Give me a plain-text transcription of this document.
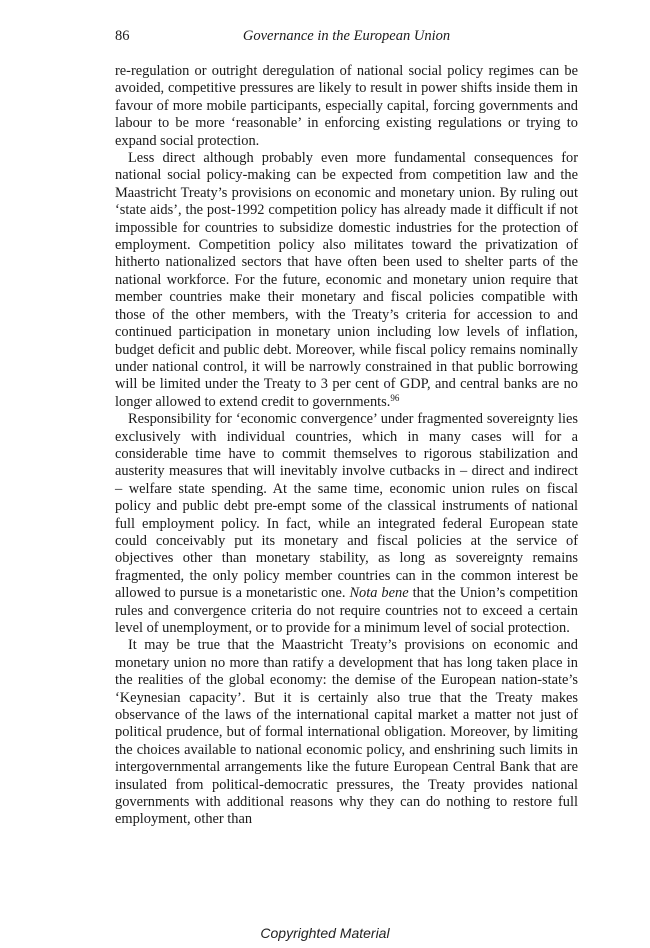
86	Governance in the European Union

re-regulation or outright deregulation of national social policy regimes can be avoided, competitive pressures are likely to result in power shifts inside them in favour of more mobile participants, especially capital, forcing governments and labour to be more ‘reasonable’ in enforcing existing regulations or trying to expand social protection.

Less direct although probably even more fundamental consequences for national social policy-making can be expected from competition law and the Maastricht Treaty’s provisions on economic and monetary union. By ruling out ‘state aids’, the post-1992 competition policy has already made it difficult if not impossible for countries to subsidize domestic industries for the protection of employment. Competition policy also militates toward the privatization of hitherto nationalized sectors that have often been used to shelter parts of the national workforce. For the future, economic and monetary union require that member countries make their monetary and fiscal policies compatible with those of the other members, with the Treaty’s criteria for accession to and continued participation in monetary union including low levels of inflation, budget deficit and public debt. Moreover, while fiscal policy remains nominally under national control, it will be narrowly constrained in that public borrowing will be limited under the Treaty to 3 per cent of GDP, and central banks are no longer allowed to extend credit to governments.$^{96}$

Responsibility for ‘economic convergence’ under fragmented sovereignty lies exclusively with individual countries, which in many cases will for a considerable time have to commit themselves to rigorous stabilization and austerity measures that will inevitably involve cutbacks in – direct and indirect – welfare state spending. At the same time, economic union rules on fiscal policy and public debt pre-empt some of the classical instruments of national full employment policy. In fact, while an integrated federal European state could conceivably put its monetary and fiscal policies at the service of objectives other than monetary stability, as long as sovereignty remains fragmented, the only policy member countries can in the common interest be allowed to pursue is a monetaristic one. Nota bene that the Union’s competition rules and convergence criteria do not require countries not to exceed a certain level of unemployment, or to provide for a minimum level of social protection.

It may be true that the Maastricht Treaty’s provisions on economic and monetary union no more than ratify a development that has long taken place in the realities of the global economy: the demise of the European nation-state’s ‘Keynesian capacity’. But it is certainly also true that the Treaty makes observance of the laws of the international capital market a matter not just of political prudence, but of formal international obligation. Moreover, by limiting the choices available to national economic policy, and enshrining such limits in intergovernmental arrangements like the future European Central Bank that are insulated from political-democratic pressures, the Treaty provides national governments with additional reasons why they can do nothing to restore full employment, other than

Copyrighted Material
